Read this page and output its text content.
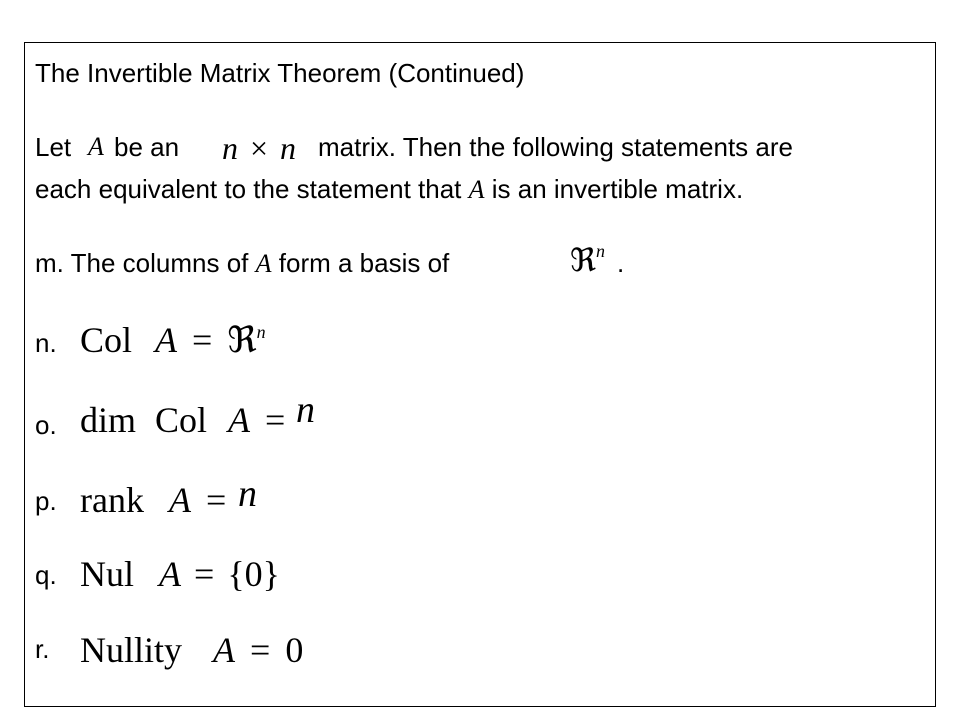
The Invertible Matrix Theorem (Continued)
Let A be an n × n matrix. Then the following statements are
each equivalent to the statement that A is an invertible matrix.
m. The columns of A form a basis of	ℜ$^n$ .
n. Col A = ℜ$^n$
o. dim Col A = n
p. rank A = n
q. Nul A = {0}
r. Nullity A = 0
